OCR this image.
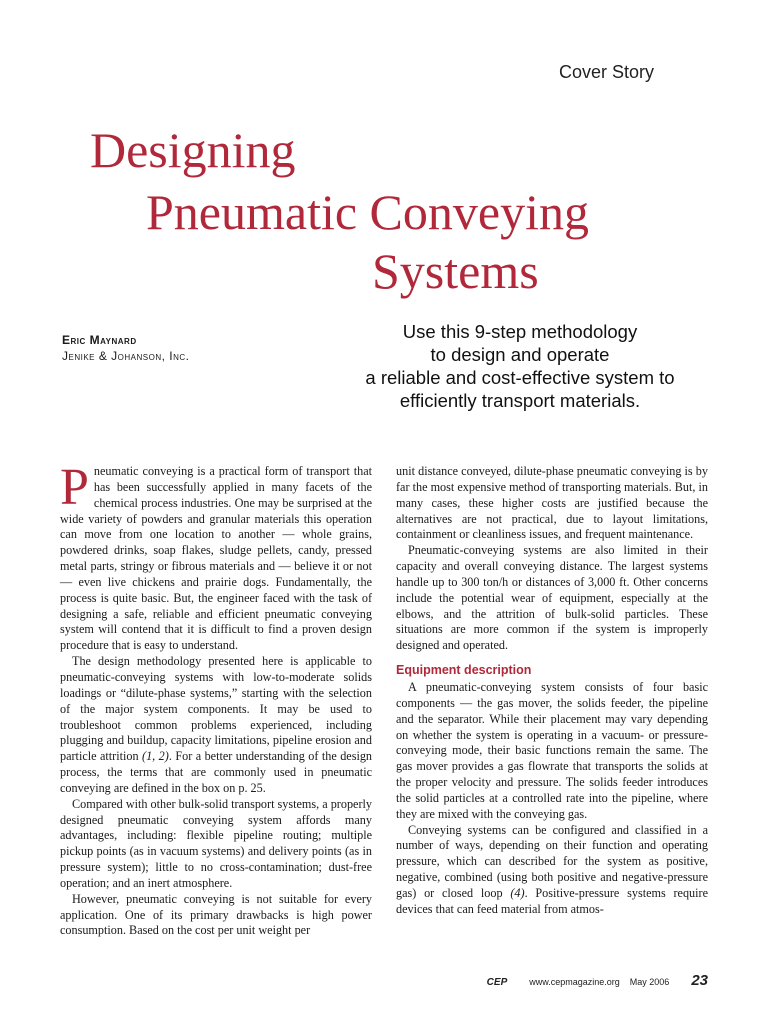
Cover Story
Designing
Pneumatic Conveying
Systems
Eric Maynard
Jenike & Johanson, Inc.
Use this 9-step methodology
to design and operate
a reliable and cost-effective system to
efficiently transport materials.

Pneumatic conveying is a practical form of transport that has been successfully applied in many facets of the chemical process industries. One may be surprised at the wide variety of powders and granular materials this operation can move from one location to another — whole grains, powdered drinks, soap flakes, sludge pellets, candy, pressed metal parts, stringy or fibrous materials and — believe it or not — even live chickens and prairie dogs. Fundamentally, the process is quite basic. But, the engineer faced with the task of designing a safe, reliable and efficient pneumatic conveying system will contend that it is difficult to find a proven design procedure that is easy to understand.

The design methodology presented here is applicable to pneumatic-conveying systems with low-to-moderate solids loadings or “dilute-phase systems,” starting with the selection of the major system components. It may be used to troubleshoot common problems experienced, including plugging and buildup, capacity limitations, pipeline erosion and particle attrition (1, 2). For a better understanding of the design process, the terms that are commonly used in pneumatic conveying are defined in the box on p. 25.

Compared with other bulk-solid transport systems, a properly designed pneumatic conveying system affords many advantages, including: flexible pipeline routing; multiple pickup points (as in vacuum systems) and delivery points (as in pressure system); little to no cross-contamination; dust-free operation; and an inert atmosphere.

However, pneumatic conveying is not suitable for every application. One of its primary drawbacks is high power consumption. Based on the cost per unit weight per

unit distance conveyed, dilute-phase pneumatic conveying is by far the most expensive method of transporting materials. But, in many cases, these higher costs are justified because the alternatives are not practical, due to layout limitations, containment or cleanliness issues, and frequent maintenance.

Pneumatic-conveying systems are also limited in their capacity and overall conveying distance. The largest systems handle up to 300 ton/h or distances of 3,000 ft. Other concerns include the potential wear of equipment, especially at the elbows, and the attrition of bulk-solid particles. These situations are more common if the system is improperly designed and operated.

Equipment description

A pneumatic-conveying system consists of four basic components — the gas mover, the solids feeder, the pipeline and the separator. While their placement may vary depending on whether the system is operating in a vacuum- or pressure-conveying mode, their basic functions remain the same. The gas mover provides a gas flowrate that transports the solids at the proper velocity and pressure. The solids feeder introduces the solid particles at a controlled rate into the pipeline, where they are mixed with the conveying gas.

Conveying systems can be configured and classified in a number of ways, depending on their function and operating pressure, which can described for the system as positive, negative, combined (using both positive and negative-pressure gas) or closed loop (4). Positive-pressure systems require devices that can feed material from atmos-

CEP www.cepmagazine.org May 2006 23
